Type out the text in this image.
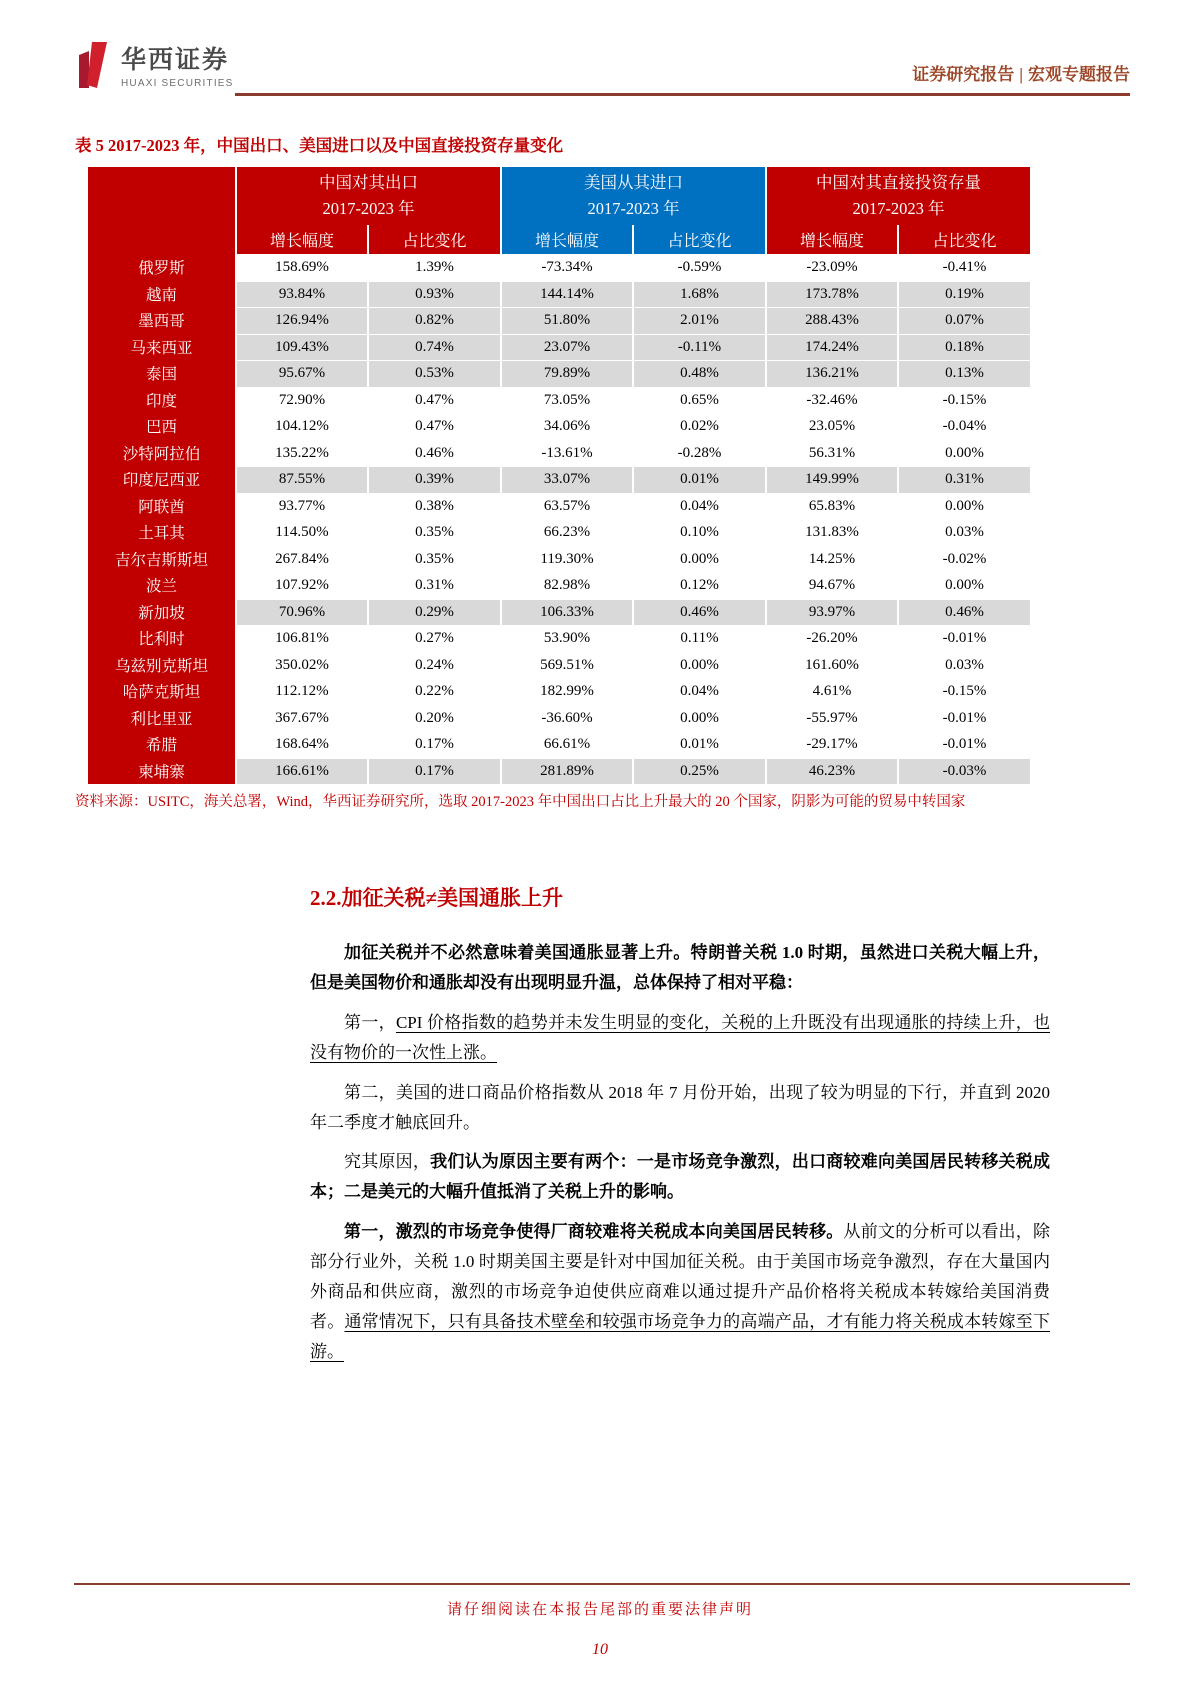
华西证券
HUAXI SECURITIES	证券研究报告 | 宏观专题报告
表 5 2017-2023 年，中国出口、美国进口以及中国直接投资存量变化

中国对其出口
2017-2023 年

美国从其进口
2017-2023 年

中国对其直接投资存量
2017-2023 年

	增长幅度	占比变化	增长幅度	占比变化	增长幅度	占比变化
俄罗斯	158.69%	1.39%	-73.34%	-0.59%	-23.09%	-0.41%
越南	93.84%	0.93%	144.14%	1.68%	173.78%	0.19%
墨西哥	126.94%	0.82%	51.80%	2.01%	288.43%	0.07%
马来西亚	109.43%	0.74%	23.07%	-0.11%	174.24%	0.18%
泰国	95.67%	0.53%	79.89%	0.48%	136.21%	0.13%
印度	72.90%	0.47%	73.05%	0.65%	-32.46%	-0.15%
巴西	104.12%	0.47%	34.06%	0.02%	23.05%	-0.04%
沙特阿拉伯	135.22%	0.46%	-13.61%	-0.28%	56.31%	0.00%
印度尼西亚	87.55%	0.39%	33.07%	0.01%	149.99%	0.31%
阿联酋	93.77%	0.38%	63.57%	0.04%	65.83%	0.00%
土耳其	114.50%	0.35%	66.23%	0.10%	131.83%	0.03%
吉尔吉斯斯坦	267.84%	0.35%	119.30%	0.00%	14.25%	-0.02%
波兰	107.92%	0.31%	82.98%	0.12%	94.67%	0.00%
新加坡	70.96%	0.29%	106.33%	0.46%	93.97%	0.46%
比利时	106.81%	0.27%	53.90%	0.11%	-26.20%	-0.01%
乌兹别克斯坦	350.02%	0.24%	569.51%	0.00%	161.60%	0.03%
哈萨克斯坦	112.12%	0.22%	182.99%	0.04%	4.61%	-0.15%
利比里亚	367.67%	0.20%	-36.60%	0.00%	-55.97%	-0.01%
希腊	168.64%	0.17%	66.61%	0.01%	-29.17%	-0.01%
柬埔寨	166.61%	0.17%	281.89%	0.25%	46.23%	-0.03%
资料来源：USITC，海关总署，Wind，华西证券研究所，选取 2017-2023 年中国出口占比上升最大的 20 个国家，阴影为可能的贸易中转国家
2.2.加征关税≠美国通胀上升

加征关税并不必然意味着美国通胀显著上升。特朗普关税 1.0 时期，虽然进口关税大幅上升，但是美国物价和通胀却没有出现明显升温，总体保持了相对平稳：

第一，CPI 价格指数的趋势并未发生明显的变化，关税的上升既没有出现通胀的持续上升，也没有物价的一次性上涨。

第二，美国的进口商品价格指数从 2018 年 7 月份开始，出现了较为明显的下行，并直到 2020 年二季度才触底回升。

究其原因，我们认为原因主要有两个：一是市场竞争激烈，出口商较难向美国居民转移关税成本；二是美元的大幅升值抵消了关税上升的影响。

第一，激烈的市场竞争使得厂商较难将关税成本向美国居民转移。从前文的分析可以看出，除部分行业外，关税 1.0 时期美国主要是针对中国加征关税。由于美国市场竞争激烈，存在大量国内外商品和供应商，激烈的市场竞争迫使供应商难以通过提升产品价格将关税成本转嫁给美国消费者。通常情况下，只有具备技术壁垒和较强市场竞争力的高端产品，才有能力将关税成本转嫁至下游。

请仔细阅读在本报告尾部的重要法律声明
10
